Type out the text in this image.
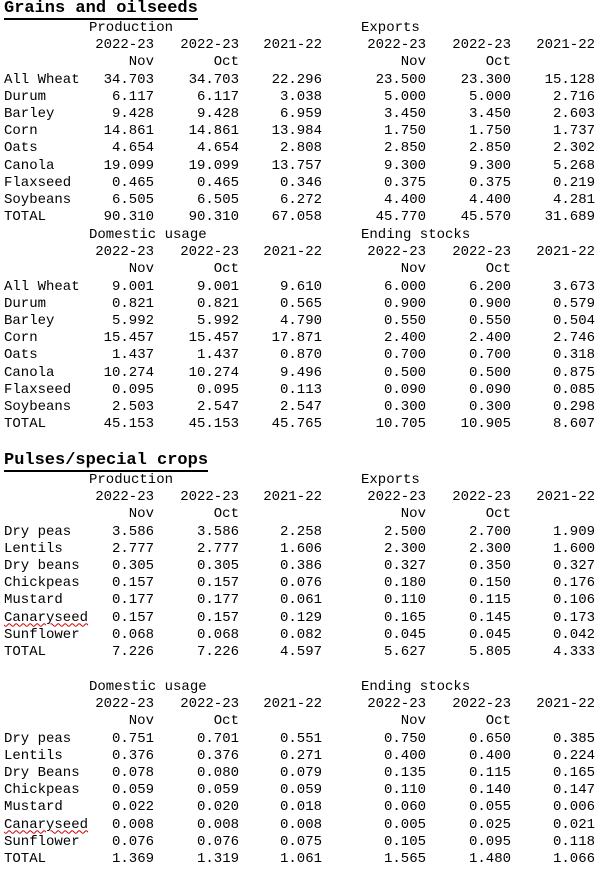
Grains and oilseeds
Production	Exports
2022-23 2022-23 2021-22	2022-23 2022-23 2021-22
Nov	Oct	Nov	Oct
All Wheat 34.703 34.703 22.296	23.500 23.300 15.128
Durum	6.117	6.117	3.038	5.000	5.000	2.716
Barley	9.428	9.428	6.959	3.450	3.450	2.603
Corn	14.861 14.861 13.984	1.750	1.750	1.737
Oats	4.654	4.654	2.808	2.850	2.850	2.302
Canola	19.099 19.099 13.757	9.300	9.300	5.268
Flaxseed	0.465	0.465	0.346	0.375	0.375	0.219
Soybeans	6.505	6.505	6.272	4.400	4.400	4.281
TOTAL	90.310 90.310 67.058	45.770 45.570 31.689
Domestic usage	Ending stocks
2022-23 2022-23 2021-22	2022-23 2022-23 2021-22
Nov	Oct	Nov	Oct
All Wheat 9.001	9.001	9.610	6.000	6.200	3.673
Durum	0.821	0.821	0.565	0.900	0.900	0.579
Barley	5.992	5.992	4.790	0.550	0.550	0.504
Corn	15.457 15.457 17.871	2.400	2.400	2.746
Oats	1.437	1.437	0.870	0.700	0.700	0.318
Canola	10.274 10.274	9.496	0.500	0.500	0.875
Flaxseed	0.095	0.095	0.113	0.090	0.090	0.085
Soybeans	2.503	2.547	2.547	0.300	0.300	0.298
TOTAL	45.153 45.153 45.765	10.705 10.905	8.607
Pulses/special crops
Production	Exports
2022-23 2022-23 2021-22	2022-23 2022-23 2021-22
Nov	Oct	Nov	Oct
Dry peas	3.586	3.586	2.258	2.500	2.700	1.909
Lentils	2.777	2.777	1.606	2.300	2.300	1.600
Dry beans 0.305	0.305	0.386	0.327	0.350	0.327
Chickpeas 0.157	0.157	0.076	0.180	0.150	0.176
Mustard	0.177	0.177	0.061	0.110	0.115	0.106
Canaryseed 0.157	0.157	0.129	0.165	0.145	0.173
Sunflower 0.068	0.068	0.082	0.045	0.045	0.042
TOTAL	7.226	7.226	4.597	5.627	5.805	4.333
Domestic usage	Ending stocks
2022-23 2022-23 2021-22	2022-23 2022-23 2021-22
Nov	Oct	Nov	Oct
Dry peas	0.751	0.701	0.551	0.750	0.650	0.385
Lentils	0.376	0.376	0.271	0.400	0.400	0.224
Dry Beans 0.078	0.080	0.079	0.135	0.115	0.165
Chickpeas 0.059	0.059	0.059	0.110	0.140	0.147
Mustard	0.022	0.020	0.018	0.060	0.055	0.006
Canaryseed 0.008	0.008	0.008	0.005	0.025	0.021
Sunflower 0.076	0.076	0.075	0.105	0.095	0.118
TOTAL	1.369	1.319	1.061	1.565	1.480	1.066
